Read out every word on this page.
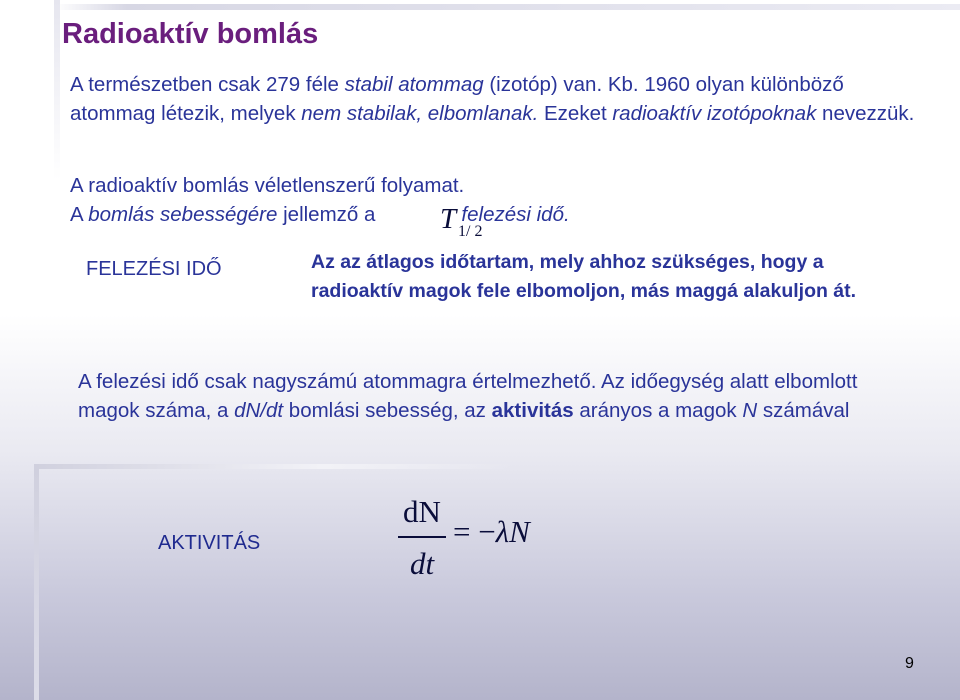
Radioaktív bomlás
A természetben csak 279 féle stabil atommag (izotóp) van. Kb. 1960 olyan különböző atommag létezik, melyek nem stabilak, elbomlanak. Ezeket radioaktív izotópoknak nevezzük.
A radioaktív bomlás véletlenszerű folyamat.
A bomlás sebességére jellemző a	felezési idő.
T 1/ 2
FELEZÉSI IDŐ	Az az átlagos időtartam, mely ahhoz szükséges, hogy a radioaktív magok fele elbomoljon, más maggá alakuljon át.
A felezési idő csak nagyszámú atommagra értelmezhető. Az időegység alatt elbomlott magok száma, a dN/dt bomlási sebesség, az aktivitás arányos a magok N számával
AKTIVITÁS
dN
dt
= −λN
9
